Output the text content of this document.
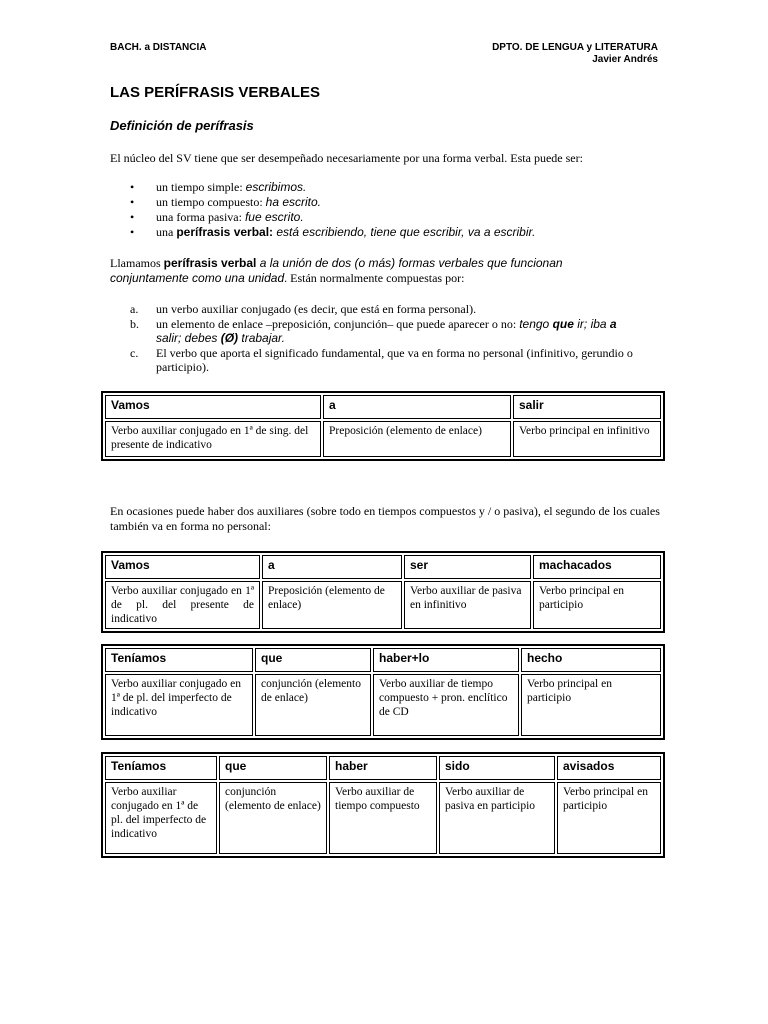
BACH. a DISTANCIA	DPTO. DE LENGUA y LITERATURA
Javier Andrés
LAS PERÍFRASIS VERBALES
Definición de perífrasis
El núcleo del SV tiene que ser desempeñado necesariamente por una forma verbal. Esta puede ser:
• un tiempo simple: escribimos.
• un tiempo compuesto: ha escrito.
• una forma pasiva: fue escrito.
• una perífrasis verbal: está escribiendo, tiene que escribir, va a escribir.
Llamamos perífrasis verbal a la unión de dos (o más) formas verbales que funcionan conjuntamente como una unidad. Están normalmente compuestas por:
a. un verbo auxiliar conjugado (es decir, que está en forma personal).
b. un elemento de enlace –preposición, conjunción– que puede aparecer o no: tengo que ir; iba a salir; debes (Ø) trabajar.
c. El verbo que aporta el significado fundamental, que va en forma no personal (infinitivo, gerundio o participio).
Vamos	a	salir
Verbo auxiliar conjugado en 1ª de sing. del presente de indicativo	Preposición (elemento de enlace)	Verbo principal en infinitivo
En ocasiones puede haber dos auxiliares (sobre todo en tiempos compuestos y / o pasiva), el segundo de los cuales también va en forma no personal:
Vamos	a	ser	machacados
Verbo auxiliar conjugado en 1ª de pl. del presente de indicativo	Preposición (elemento de enlace)	Verbo auxiliar de pasiva en infinitivo	Verbo principal en participio
Teníamos	que	haber+lo	hecho
Verbo auxiliar conjugado en 1ª de pl. del imperfecto de indicativo	conjunción (elemento de enlace)	Verbo auxiliar de tiempo compuesto + pron. enclítico de CD	Verbo principal en participio
Teníamos	que	haber	sido	avisados
Verbo auxiliar conjugado en 1ª de pl. del imperfecto de indicativo	conjunción (elemento de enlace)	Verbo auxiliar de tiempo compuesto	Verbo auxiliar de pasiva en participio	Verbo principal en participio
